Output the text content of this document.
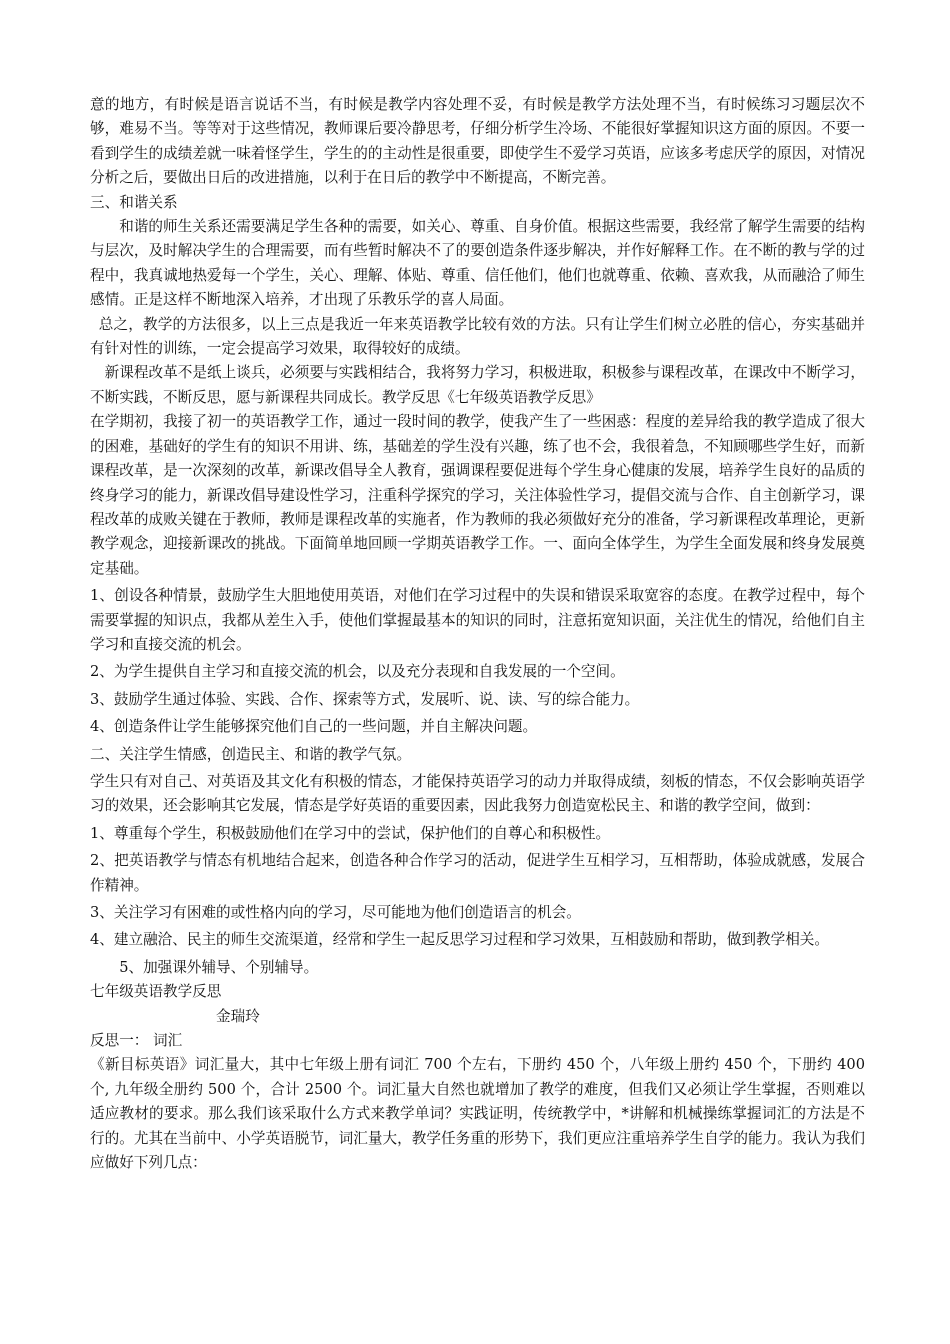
意的地方，有时候是语言说话不当，有时候是教学内容处理不妥，有时候是教学方法处理不当，有时候练习习题层次不够，难易不当。等等对于这些情况，教师课后要冷静思考，仔细分析学生冷场、不能很好掌握知识这方面的原因。不要一看到学生的成绩差就一味着怪学生，学生的的主动性是很重要，即使学生不爱学习英语，应该多考虑厌学的原因，对情况分析之后，要做出日后的改进措施，以利于在日后的教学中不断提高，不断完善。

三、和谐关系

和谐的师生关系还需要满足学生各种的需要，如关心、尊重、自身价值。根据这些需要，我经常了解学生需要的结构与层次，及时解决学生的合理需要，而有些暂时解决不了的要创造条件逐步解决，并作好解释工作。在不断的教与学的过程中，我真诚地热爱每一个学生，关心、理解、体贴、尊重、信任他们，他们也就尊重、依赖、喜欢我，从而融洽了师生感情。正是这样不断地深入培养，才出现了乐教乐学的喜人局面。

总之，教学的方法很多，以上三点是我近一年来英语教学比较有效的方法。只有让学生们树立必胜的信心，夯实基础并有针对性的训练，一定会提高学习效果，取得较好的成绩。

新课程改革不是纸上谈兵，必须要与实践相结合，我将努力学习，积极进取，积极参与课程改革，在课改中不断学习，不断实践，不断反思，愿与新课程共同成长。教学反思《七年级英语教学反思》

在学期初，我接了初一的英语教学工作，通过一段时间的教学，使我产生了一些困惑：程度的差异给我的教学造成了很大的困难，基础好的学生有的知识不用讲、练，基础差的学生没有兴趣，练了也不会，我很着急，不知顾哪些学生好，而新课程改革，是一次深刻的改革，新课改倡导全人教育，强调课程要促进每个学生身心健康的发展，培养学生良好的品质的终身学习的能力，新课改倡导建设性学习，注重科学探究的学习，关注体验性学习，提倡交流与合作、自主创新学习，课程改革的成败关键在于教师，教师是课程改革的实施者，作为教师的我必须做好充分的准备，学习新课程改革理论，更新教学观念，迎接新课改的挑战。下面简单地回顾一学期英语教学工作。一、面向全体学生，为学生全面发展和终身发展奠定基础。

1、创设各种情景，鼓励学生大胆地使用英语，对他们在学习过程中的失误和错误采取宽容的态度。在教学过程中，每个需要掌握的知识点，我都从差生入手，使他们掌握最基本的知识的同时，注意拓宽知识面，关注优生的情况，给他们自主学习和直接交流的机会。

2、为学生提供自主学习和直接交流的机会，以及充分表现和自我发展的一个空间。

3、鼓励学生通过体验、实践、合作、探索等方式，发展听、说、读、写的综合能力。

4、创造条件让学生能够探究他们自己的一些问题，并自主解决问题。

二、关注学生情感，创造民主、和谐的教学气氛。

学生只有对自己、对英语及其文化有积极的情态，才能保持英语学习的动力并取得成绩，刻板的情态，不仅会影响英语学习的效果，还会影响其它发展，情态是学好英语的重要因素，因此我努力创造宽松民主、和谐的教学空间，做到：

1、尊重每个学生，积极鼓励他们在学习中的尝试，保护他们的自尊心和积极性。

2、把英语教学与情态有机地结合起来，创造各种合作学习的活动，促进学生互相学习，互相帮助，体验成就感，发展合作精神。

3、关注学习有困难的或性格内向的学习，尽可能地为他们创造语言的机会。

4、建立融洽、民主的师生交流渠道，经常和学生一起反思学习过程和学习效果，互相鼓励和帮助，做到教学相关。

5、加强课外辅导、个别辅导。

七年级英语教学反思

金瑞玲

反思一： 词汇

《新目标英语》词汇量大，其中七年级上册有词汇 700 个左右，下册约 450 个，八年级上册约 450 个，下册约 400 个, 九年级全册约 500 个，合计 2500 个。词汇量大自然也就增加了教学的难度，但我们又必须让学生掌握，否则难以适应教材的要求。那么我们该采取什么方式来教学单词？实践证明，传统教学中，*讲解和机械操练掌握词汇的方法是不行的。尤其在当前中、小学英语脱节，词汇量大，教学任务重的形势下，我们更应注重培养学生自学的能力。我认为我们应做好下列几点：
